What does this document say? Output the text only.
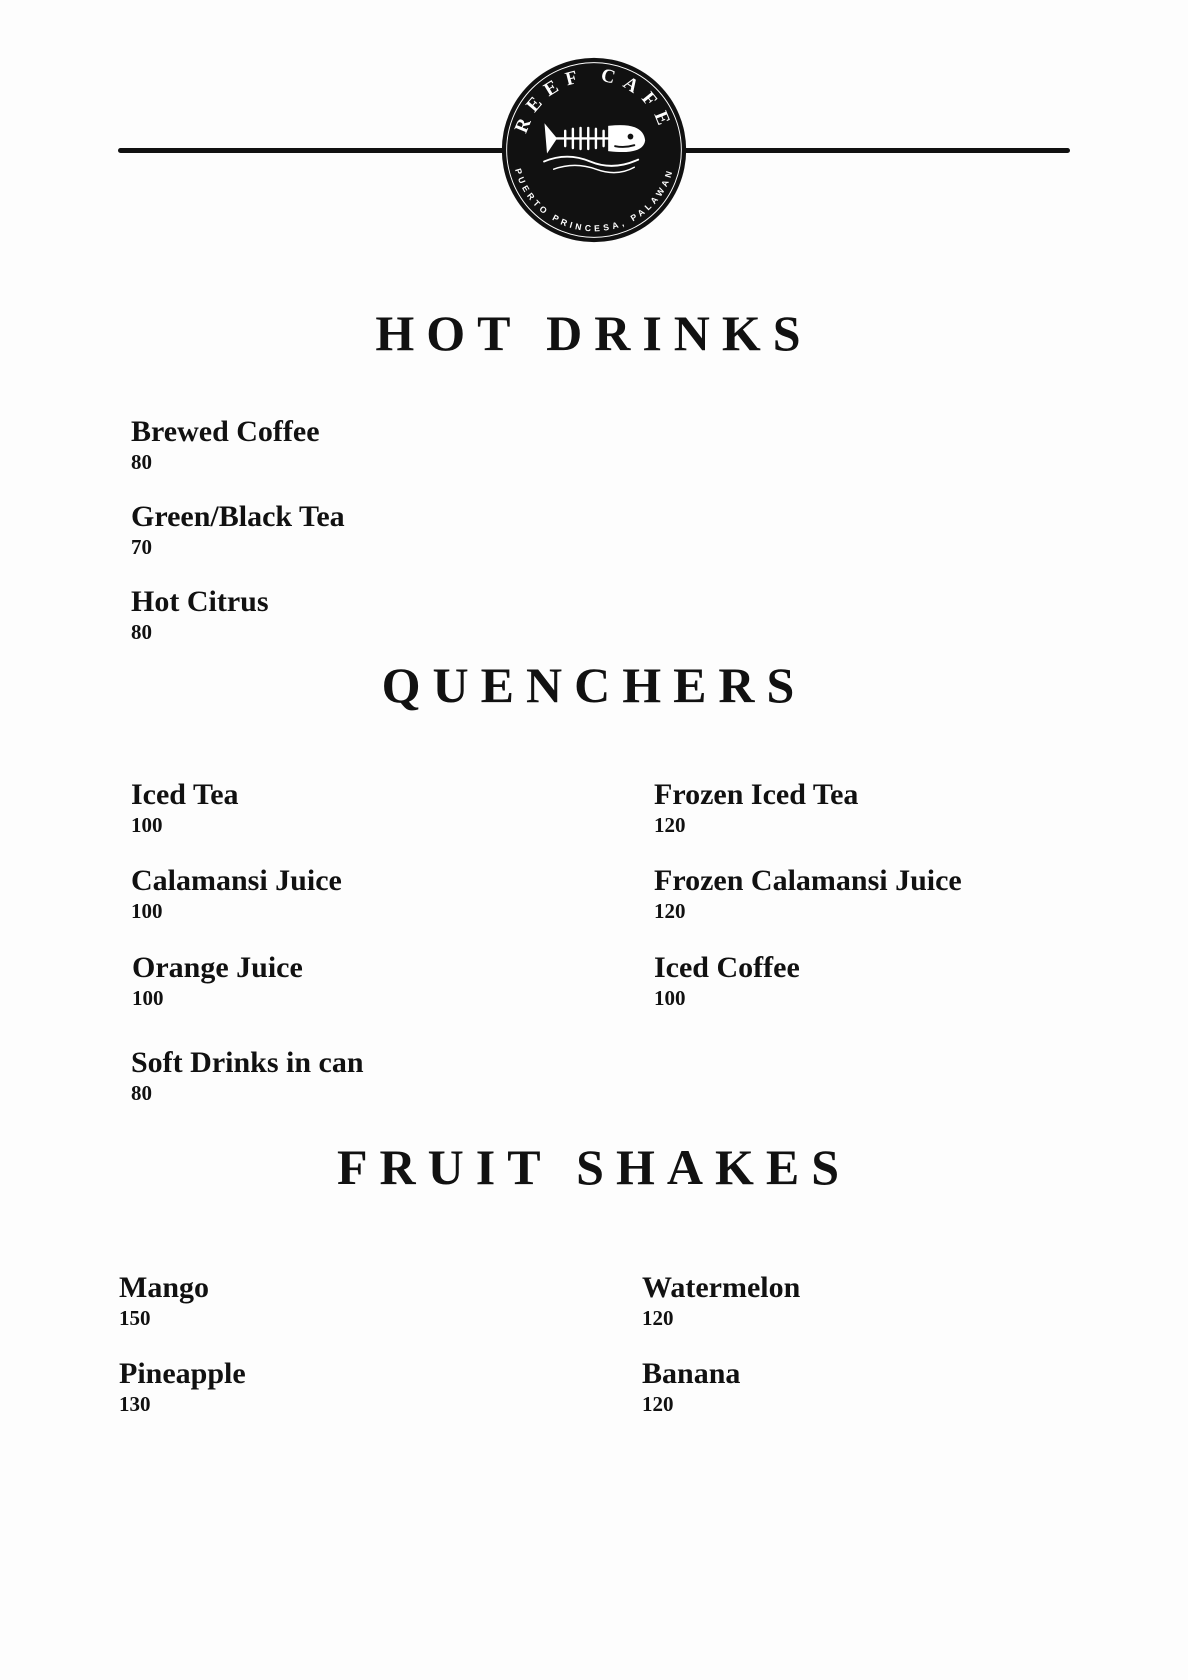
REEF CAFE
PUERTO PRINCESA, PALAWAN
HOT DRINKS
Brewed Coffee
80
Green/Black Tea
70
Hot Citrus
80
QUENCHERS
Iced Tea
100
Calamansi Juice
100
Orange Juice
100
Soft Drinks in can
80
Frozen Iced Tea
120
Frozen Calamansi Juice
120
Iced Coffee
100
FRUIT SHAKES
Mango
150
Pineapple
130
Watermelon
120
Banana
120
